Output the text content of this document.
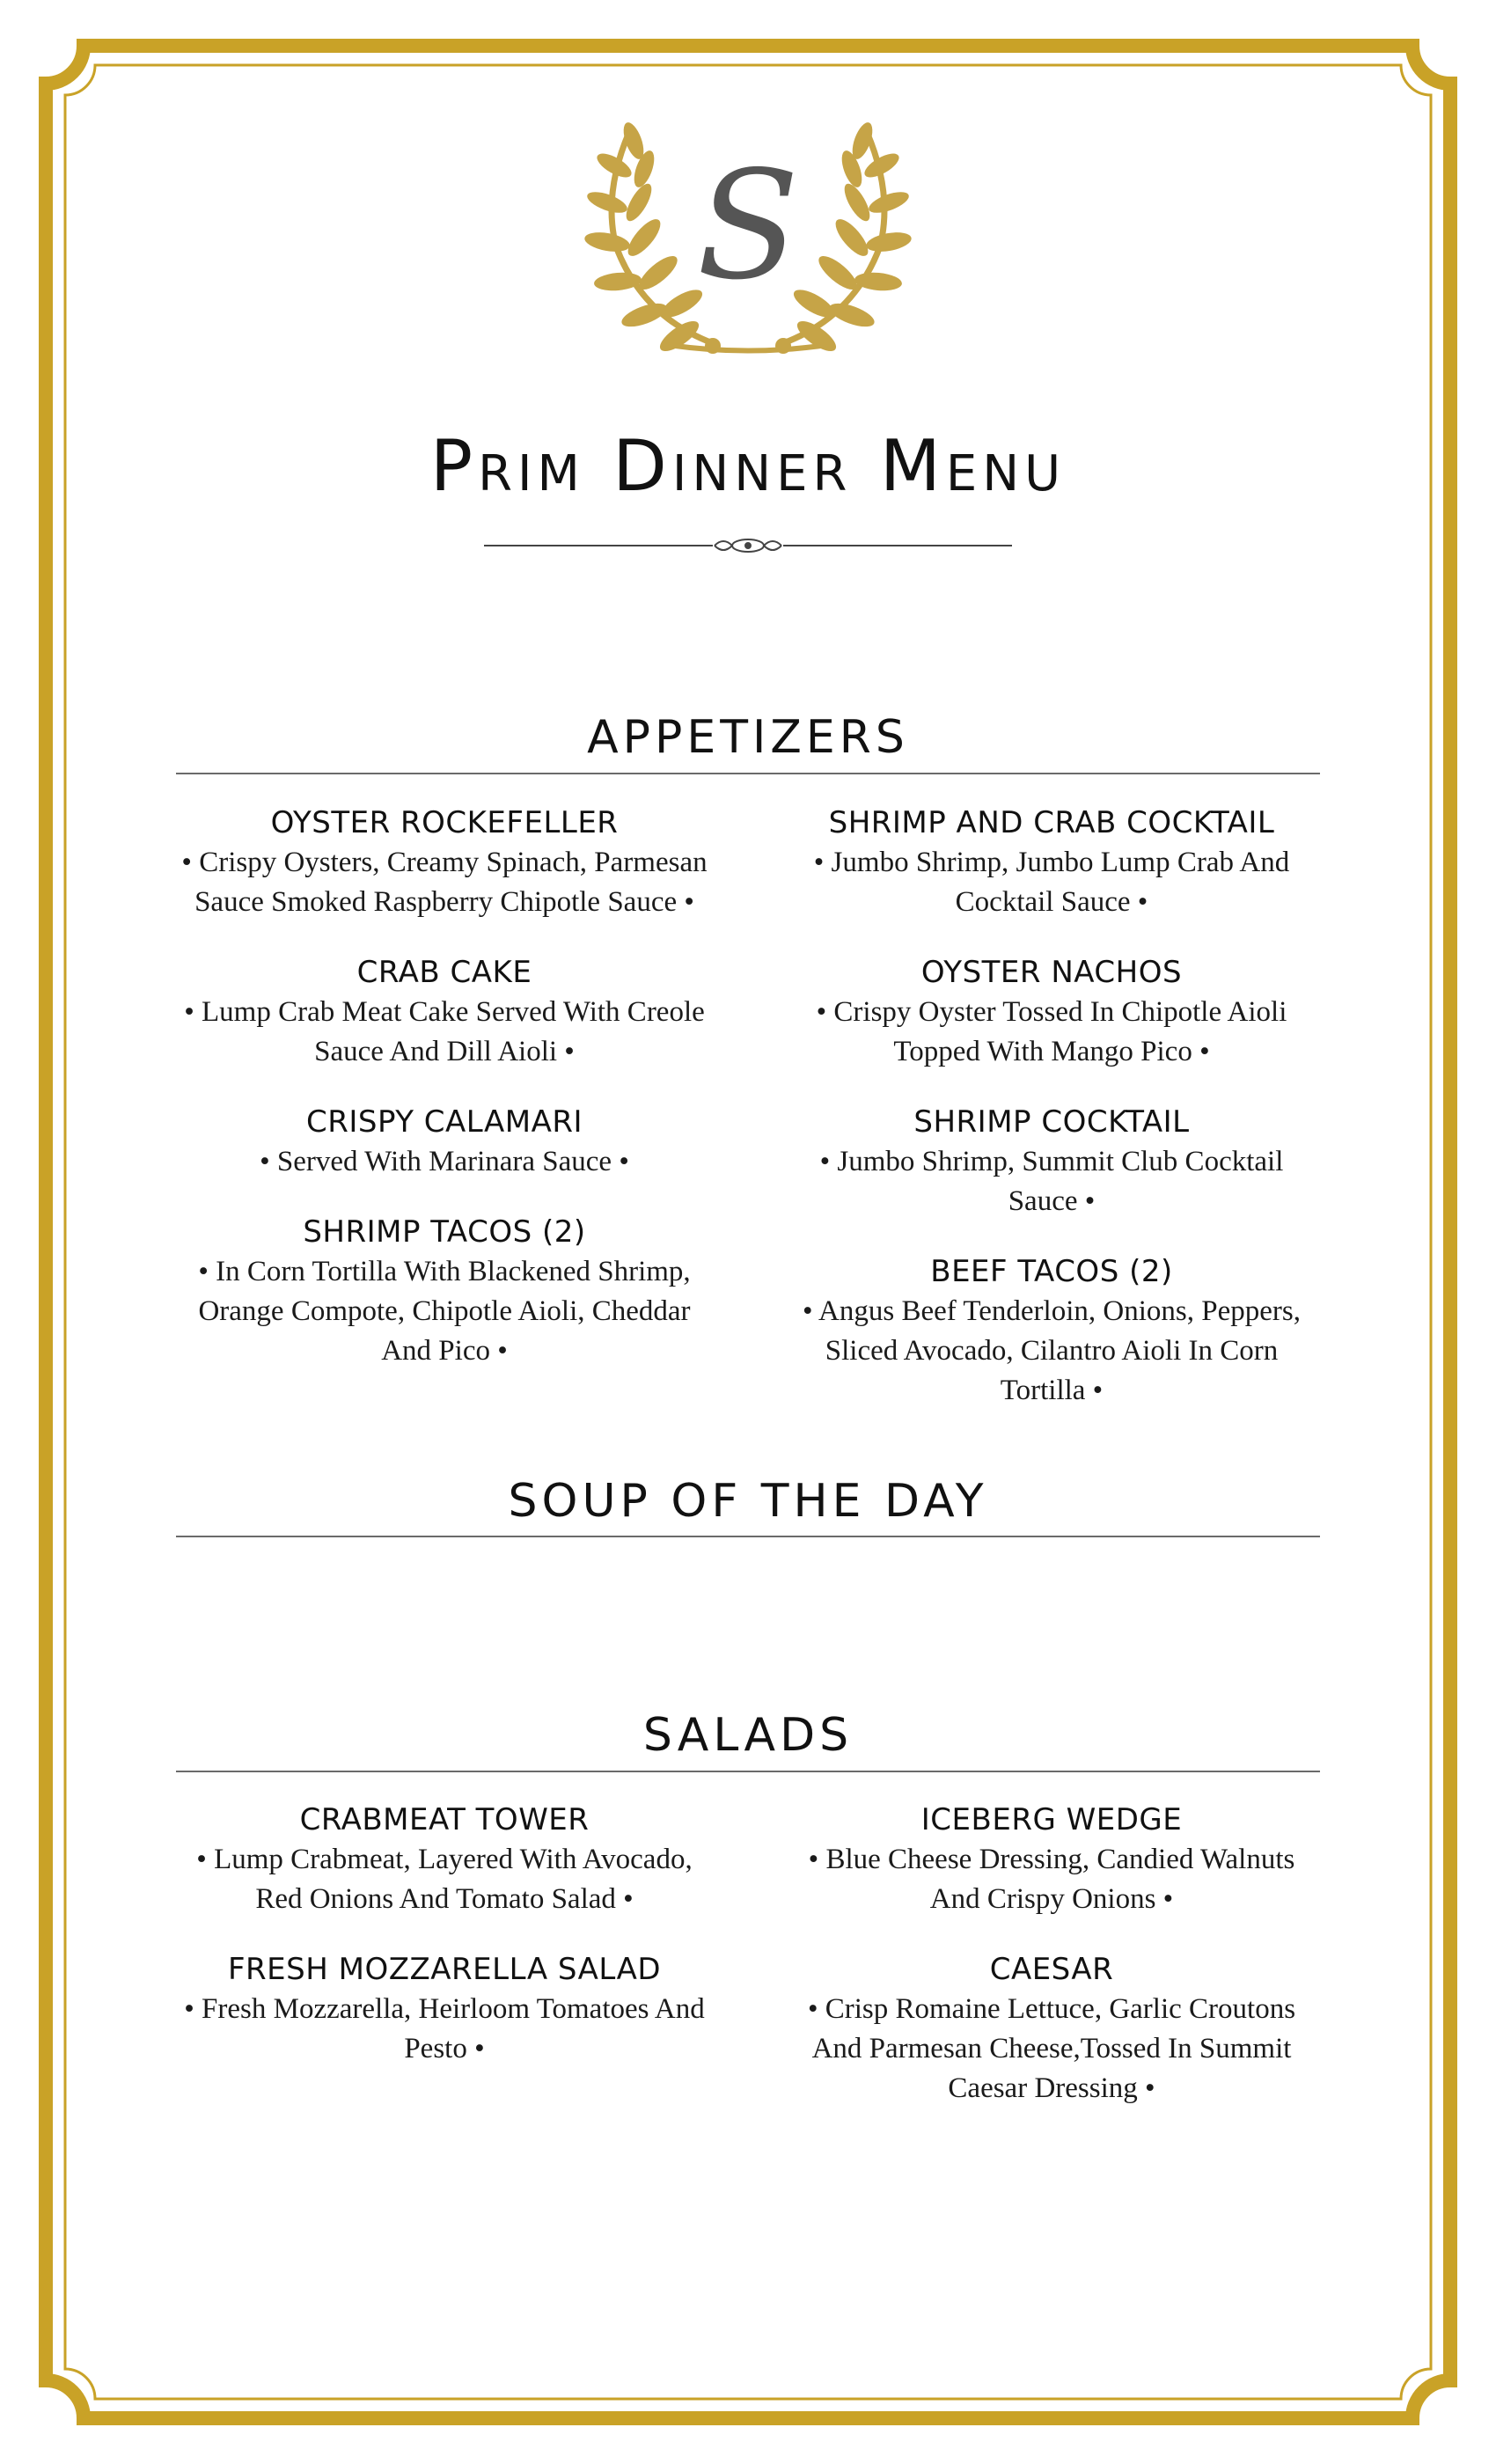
S
Prim Dinner Menu
APPETIZERS
OYSTER ROCKEFELLER
• Crispy Oysters, Creamy Spinach, Parmesan Sauce Smoked Raspberry Chipotle Sauce •
CRAB CAKE
• Lump Crab Meat Cake Served With Creole Sauce And Dill Aioli •
CRISPY CALAMARI
• Served With Marinara Sauce •
SHRIMP TACOS (2)
• In Corn Tortilla With Blackened Shrimp, Orange Compote, Chipotle Aioli, Cheddar And Pico •
SHRIMP AND CRAB COCKTAIL
• Jumbo Shrimp, Jumbo Lump Crab And Cocktail Sauce •
OYSTER NACHOS
• Crispy Oyster Tossed In Chipotle Aioli Topped With Mango Pico •
SHRIMP COCKTAIL
• Jumbo Shrimp, Summit Club Cocktail Sauce •
BEEF TACOS (2)
• Angus Beef Tenderloin, Onions, Peppers, Sliced Avocado, Cilantro Aioli In Corn Tortilla •
SOUP OF THE DAY
SALADS
CRABMEAT TOWER
• Lump Crabmeat, Layered With Avocado, Red Onions And Tomato Salad •
FRESH MOZZARELLA SALAD
• Fresh Mozzarella, Heirloom Tomatoes And Pesto •
ICEBERG WEDGE
• Blue Cheese Dressing, Candied Walnuts And Crispy Onions •
CAESAR
• Crisp Romaine Lettuce, Garlic Croutons And Parmesan Cheese,Tossed In Summit Caesar Dressing •
